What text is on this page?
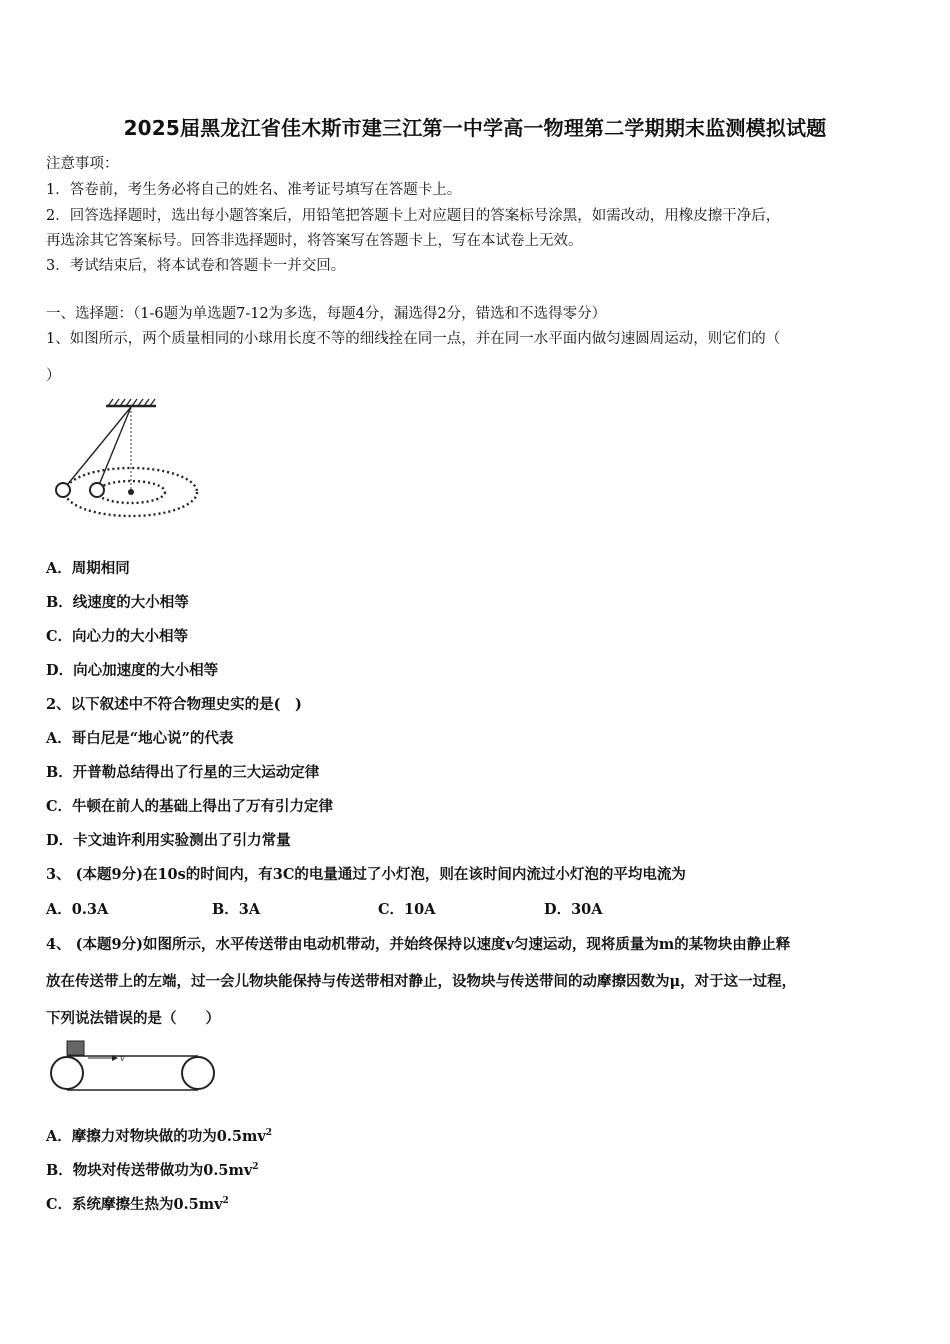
2025届黑龙江省佳木斯市建三江第一中学高一物理第二学期期末监测模拟试题
注意事项：
1．答卷前，考生务必将自己的姓名、准考证号填写在答题卡上。
2．回答选择题时，选出每小题答案后，用铅笔把答题卡上对应题目的答案标号涂黑，如需改动，用橡皮擦干净后，
再选涂其它答案标号。回答非选择题时，将答案写在答题卡上，写在本试卷上无效。
3．考试结束后，将本试卷和答题卡一并交回。
一、选择题：（1-6题为单选题7-12为多选，每题4分，漏选得2分，错选和不选得零分）
1、如图所示，两个质量相同的小球用长度不等的细线拴在同一点，并在同一水平面内做匀速圆周运动，则它们的（
）
A．周期相同
B．线速度的大小相等
C．向心力的大小相等
D．向心加速度的大小相等
2、以下叙述中不符合物理史实的是(　)
A．哥白尼是“地心说”的代表
B．开普勒总结得出了行星的三大运动定律
C．牛顿在前人的基础上得出了万有引力定律
D．卡文迪许利用实验测出了引力常量
3、 (本题9分)在10s的时间内，有3C的电量通过了小灯泡，则在该时间内流过小灯泡的平均电流为
A．0.3A	B．3A	C．10A	D．30A
4、 (本题9分)如图所示，水平传送带由电动机带动，并始终保持以速度v匀速运动，现将质量为m的某物块由静止释
放在传送带上的左端，过一会儿物块能保持与传送带相对静止，设物块与传送带间的动摩擦因数为μ，对于这一过程，
下列说法错误的是（　　）
v
A．摩擦力对物块做的功为$0.5mv^2$
B．物块对传送带做功为$0.5mv^2$
C．系统摩擦生热为$0.5mv^2$
